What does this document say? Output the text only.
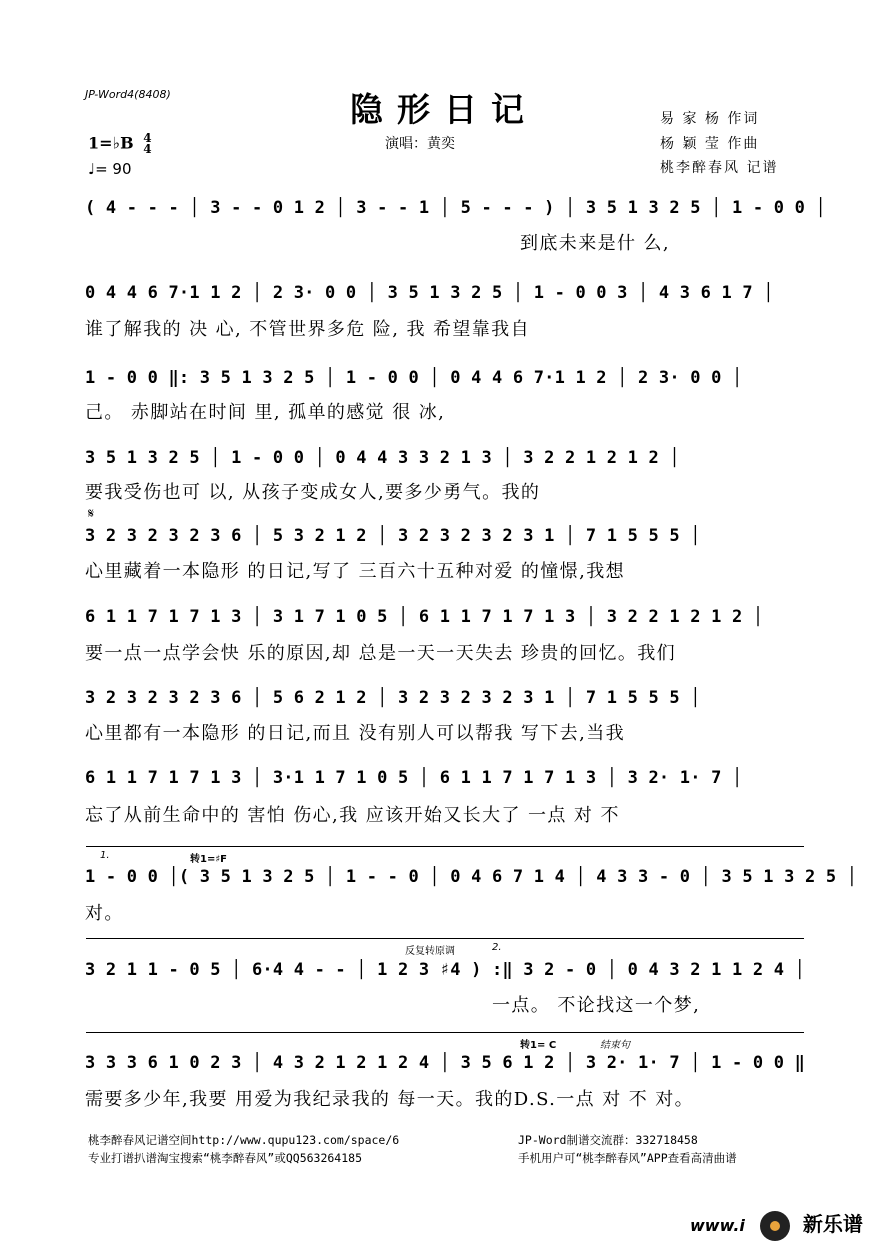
JP-Word4(8408)	隐形日记
演唱：黄奕
易 家 杨 作词
杨 颖 莹 作曲
桃李醉春风 记谱
1=♭B 4
4
♩= 90
( 4 - - - │ 3 - - 0 1 2 │ 3 - - 1 │ 5 - - - ) │ 3 5 1 3 2 5 │ 1 - 0 0 │
到底未来是什 么,
0 4 4 6 7·1 1 2 │ 2 3· 0 0 │ 3 5 1 3 2 5 │ 1 - 0 0 3 │ 4 3 6 1 7 │
谁了解我的 决 心, 不管世界多危 险, 我 希望靠我自
1 - 0 0 ‖: 3 5 1 3 2 5 │ 1 - 0 0 │ 0 4 4 6 7·1 1 2 │ 2 3· 0 0 │
己。 赤脚站在时间 里, 孤单的感觉 很 冰,
3 5 1 3 2 5 │ 1 - 0 0 │ 0 4 4 3 3 2 1 3 │ 3 2 2 1 2 1 2 │
要我受伤也可 以, 从孩子变成女人,要多少勇气。我的
𝄋
3 2 3 2 3 2 3 6 │ 5 3 2 1 2 │ 3 2 3 2 3 2 3 1 │ 7 1 5 5 5 │
心里藏着一本隐形 的日记,写了 三百六十五种对爱 的憧憬,我想
6 1 1 7 1 7 1 3 │ 3 1 7 1 0 5 │ 6 1 1 7 1 7 1 3 │ 3 2 2 1 2 1 2 │
要一点一点学会快 乐的原因,却 总是一天一天失去 珍贵的回忆。我们
3 2 3 2 3 2 3 6 │ 5 6 2 1 2 │ 3 2 3 2 3 2 3 1 │ 7 1 5 5 5 │
心里都有一本隐形 的日记,而且 没有别人可以帮我 写下去,当我
6 1 1 7 1 7 1 3 │ 3·1 1 7 1 0 5 │ 6 1 1 7 1 7 1 3 │ 3 2· 1· 7 │
忘了从前生命中的 害怕 伤心,我 应该开始又长大了 一点 对 不
1.	转1=♯F
1 - 0 0 │( 3 5 1 3 2 5 │ 1 - - 0 │ 0 4 6 7 1 4 │ 4 3 3 - 0 │ 3 5 1 3 2 5 │
对。
反复转原调	2.
3 2 1 1 - 0 5 │ 6·4 4 - - │ 1 2 3 ♯4 ) :‖ 3 2 - 0 │ 0 4 3 2 1 1 2 4 │
一点。 不论找这一个梦,
转1= C	结束句
3 3 3 6 1 0 2 3 │ 4 3 2 1 2 1 2 4 │ 3 5 6 1 2 │ 3 2· 1· 7 │ 1 - 0 0 ‖
需要多少年,我要 用爱为我纪录我的 每一天。我的D.S.一点 对 不 对。
桃李醉春风记谱空间http://www.qupu123.com/space/6
专业打谱扒谱淘宝搜索“桃李醉春风”或QQ563264185
JP-Word制谱交流群：332718458
手机用户可“桃李醉春风”APP查看高清曲谱
www.i	新乐谱
